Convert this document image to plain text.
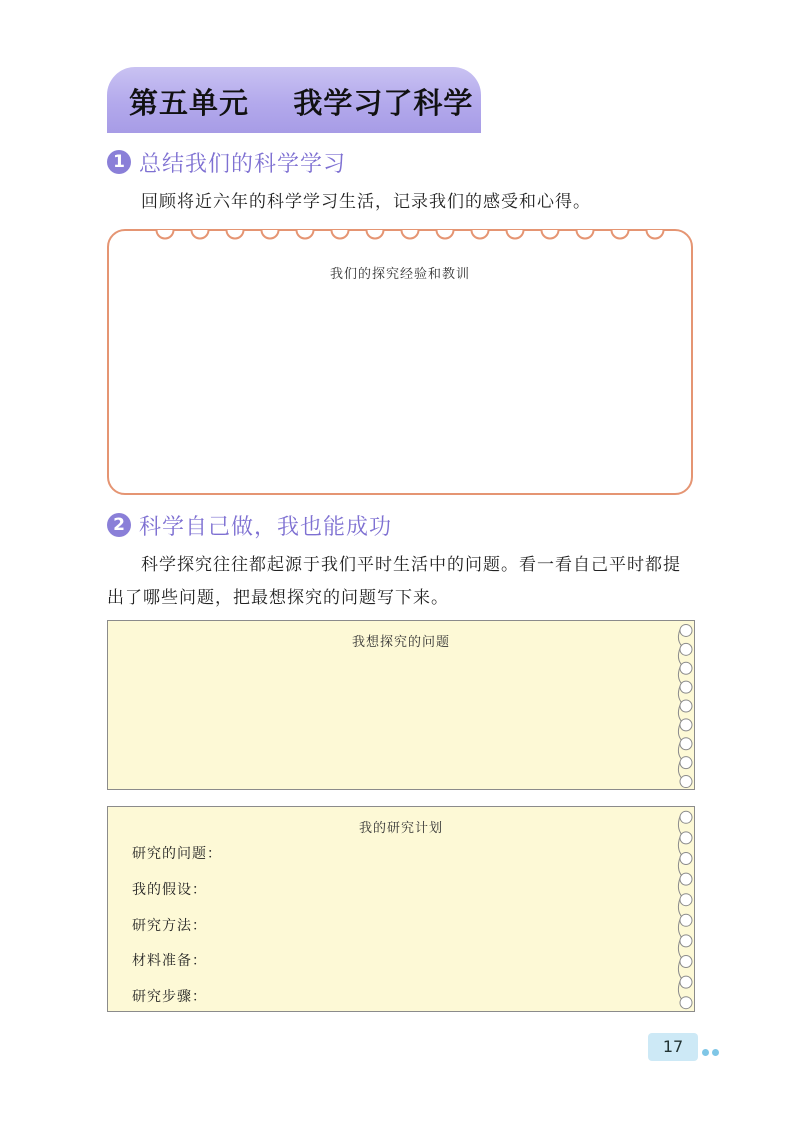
第五单元    我学习了科学
1 总结我们的科学学习
回顾将近六年的科学学习生活，记录我们的感受和心得。
我们的探究经验和教训
2 科学自己做，我也能成功
科学探究往往都起源于我们平时生活中的问题。看一看自己平时都提出了哪些问题，把最想探究的问题写下来。
我想探究的问题
我的研究计划
研究的问题：
我的假设：
研究方法：
材料准备：
研究步骤：
17
